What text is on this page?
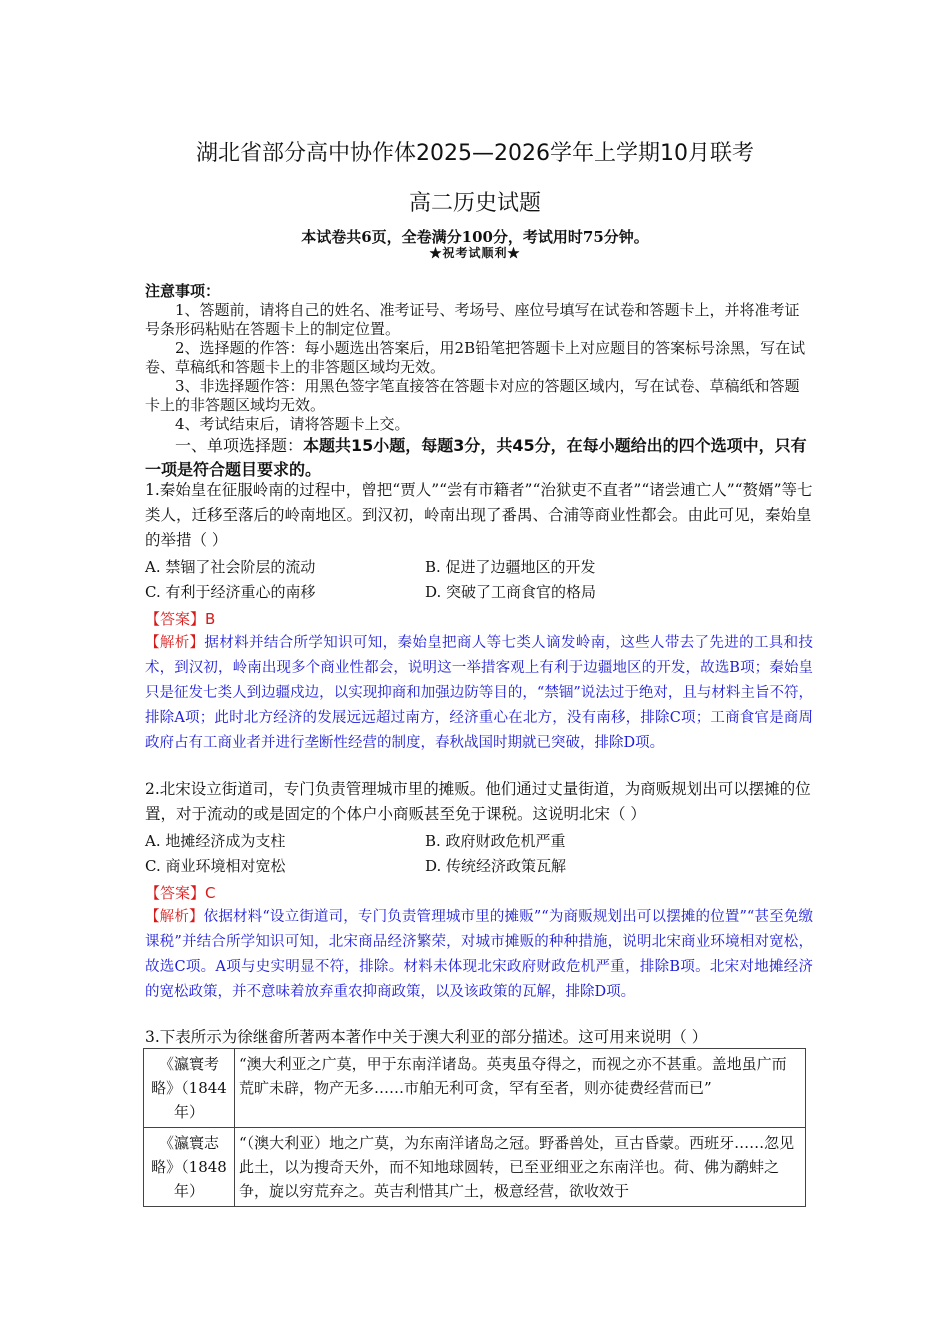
湖北省部分高中协作体2025—2026学年上学期10月联考
高二历史试题
本试卷共6页，全卷满分100分，考试用时75分钟。
★祝考试顺利★
注意事项：

1、答题前，请将自己的姓名、准考证号、考场号、座位号填写在试卷和答题卡上，并将准考证号条形码粘贴在答题卡上的制定位置。

2、选择题的作答：每小题选出答案后，用2B铅笔把答题卡上对应题目的答案标号涂黑，写在试卷、草稿纸和答题卡上的非答题区域均无效。

3、非选择题作答：用黑色签字笔直接答在答题卡对应的答题区域内，写在试卷、草稿纸和答题卡上的非答题区域均无效。

4、考试结束后，请将答题卡上交。

一、单项选择题：本题共15小题，每题3分，共45分，在每小题给出的四个选项中，只有一项是符合题目要求的。

1.秦始皇在征服岭南的过程中，曾把“贾人”“尝有市籍者”“治狱吏不直者”“诸尝逋亡人”“赘婿”等七类人，迁移至落后的岭南地区。到汉初，岭南出现了番禺、合浦等商业性都会。由此可见，秦始皇的举措（ ）

A. 禁锢了社会阶层的流动	B. 促进了边疆地区的开发
C. 有利于经济重心的南移	D. 突破了工商食官的格局
【答案】B

【解析】据材料并结合所学知识可知，秦始皇把商人等七类人谪发岭南，这些人带去了先进的工具和技术，到汉初，岭南出现多个商业性都会，说明这一举措客观上有利于边疆地区的开发，故选B项；秦始皇只是征发七类人到边疆戍边，以实现抑商和加强边防等目的，“禁锢”说法过于绝对，且与材料主旨不符，排除A项；此时北方经济的发展远远超过南方，经济重心在北方，没有南移，排除C项；工商食官是商周政府占有工商业者并进行垄断性经营的制度，春秋战国时期就已突破，排除D项。

2.北宋设立街道司，专门负责管理城市里的摊贩。他们通过丈量街道，为商贩规划出可以摆摊的位置，对于流动的或是固定的个体户小商贩甚至免于课税。这说明北宋（ ）

A. 地摊经济成为支柱	B. 政府财政危机严重
C. 商业环境相对宽松	D. 传统经济政策瓦解
【答案】C

【解析】依据材料“设立街道司，专门负责管理城市里的摊贩”“为商贩规划出可以摆摊的位置”“甚至免缴课税”并结合所学知识可知，北宋商品经济繁荣，对城市摊贩的种种措施，说明北宋商业环境相对宽松，故选C项。A项与史实明显不符，排除。材料未体现北宋政府财政危机严重，排除B项。北宋对地摊经济的宽松政策，并不意味着放弃重农抑商政策，以及该政策的瓦解，排除D项。

3.下表所示为徐继畲所著两本著作中关于澳大利亚的部分描述。这可用来说明（ ）

《瀛寰考略》（1844年）	“澳大利亚之广莫，甲于东南洋诸岛。英夷虽夺得之，而视之亦不甚重。盖地虽广而荒旷未辟，物产无多……市舶无利可贪，罕有至者，则亦徒费经营而已”
《瀛寰志略》（1848年）	“（澳大利亚）地之广莫，为东南洋诸岛之冠。野番兽处，亘古昏蒙。西班牙……忽见此土，以为搜奇天外，而不知地球圆转，已至亚细亚之东南洋也。荷、佛为鹬蚌之争，旋以穷荒弃之。英吉利惜其广土，极意经营，欲收效于
